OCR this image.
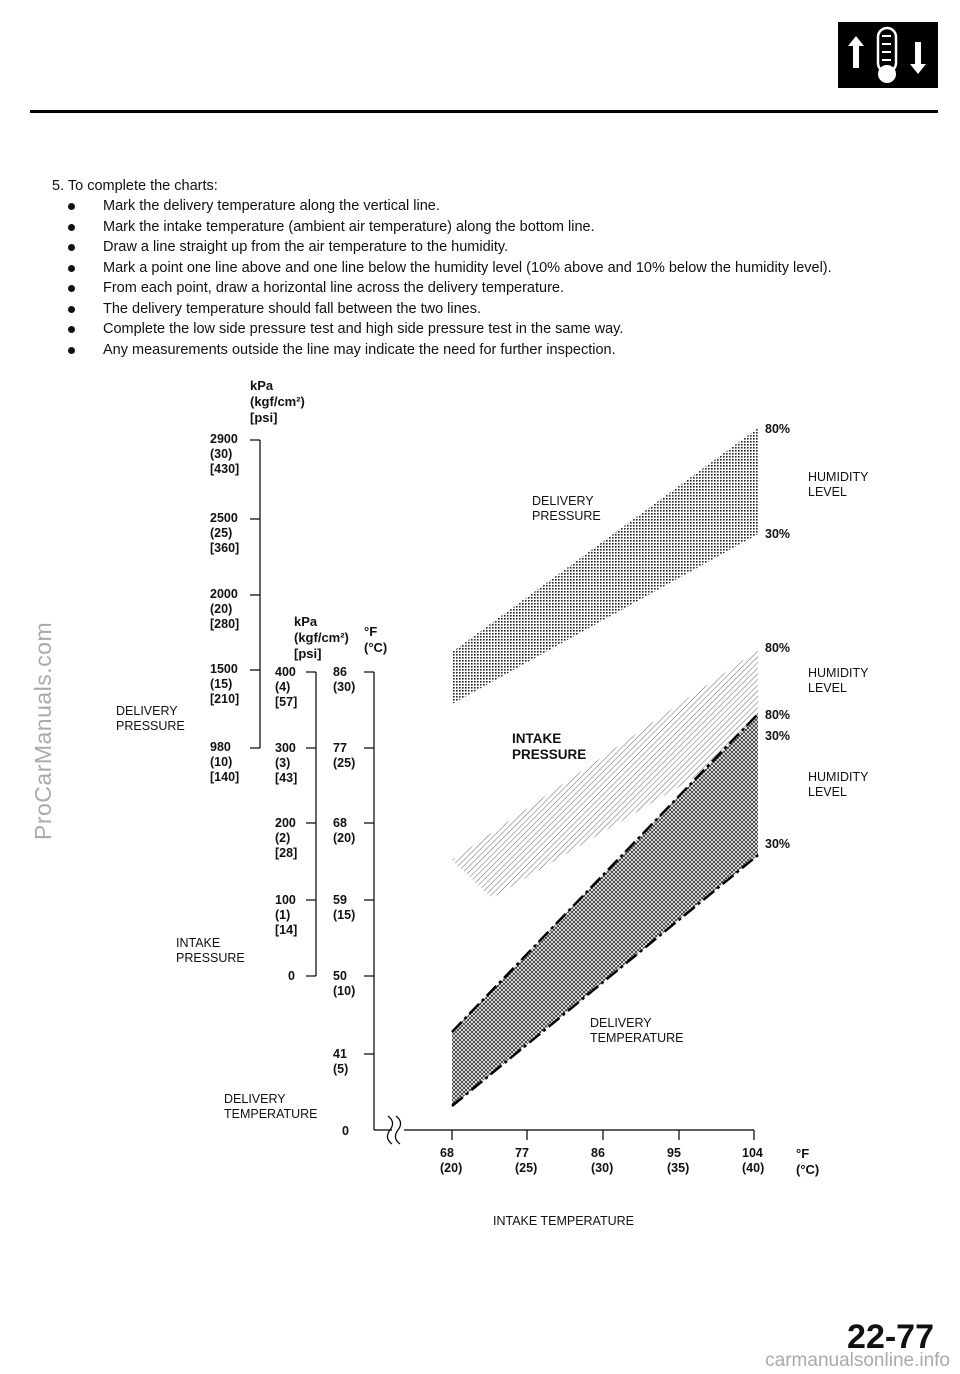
ProCarManuals.com
carmanualsonline.info
22-77
5. To complete the charts:
Mark the delivery temperature along the vertical line.
Mark the intake temperature (ambient air temperature) along the bottom line.
Draw a line straight up from the air temperature to the humidity.
Mark a point one line above and one line below the humidity level (10% above and 10% below the humidity level).
From each point, draw a horizontal line across the delivery temperature.
The delivery temperature should fall between the two lines.
Complete the low side pressure test and high side pressure test in the same way.
Any measurements outside the line may indicate the need for further inspection.
kPa
(kgf/cm²)
[psi]
2900
(30)
[430]
2500
(25)
[360]
2000
(20)
[280]
1500
(15)
[210]
980
(10)
[140]
DELIVERY
PRESSURE
kPa
(kgf/cm²)
[psi]
400
(4)
[57]
300
(3)
[43]
200
(2)
[28]
100
(1)
[14]
0
INTAKE
PRESSURE
°F
(°C)
86
(30)
77
(25)
68
(20)
59
(15)
50
(10)
41
(5)
0
DELIVERY
TEMPERATURE
68
(20)
77
(25)
86
(30)
95
(35)
104
(40)
°F
(°C)
INTAKE TEMPERATURE
DELIVERY
PRESSURE
80%
30%
HUMIDITY
LEVEL
INTAKE
PRESSURE
80%
30%
HUMIDITY
LEVEL
DELIVERY
TEMPERATURE
80%
30%
HUMIDITY
LEVEL
